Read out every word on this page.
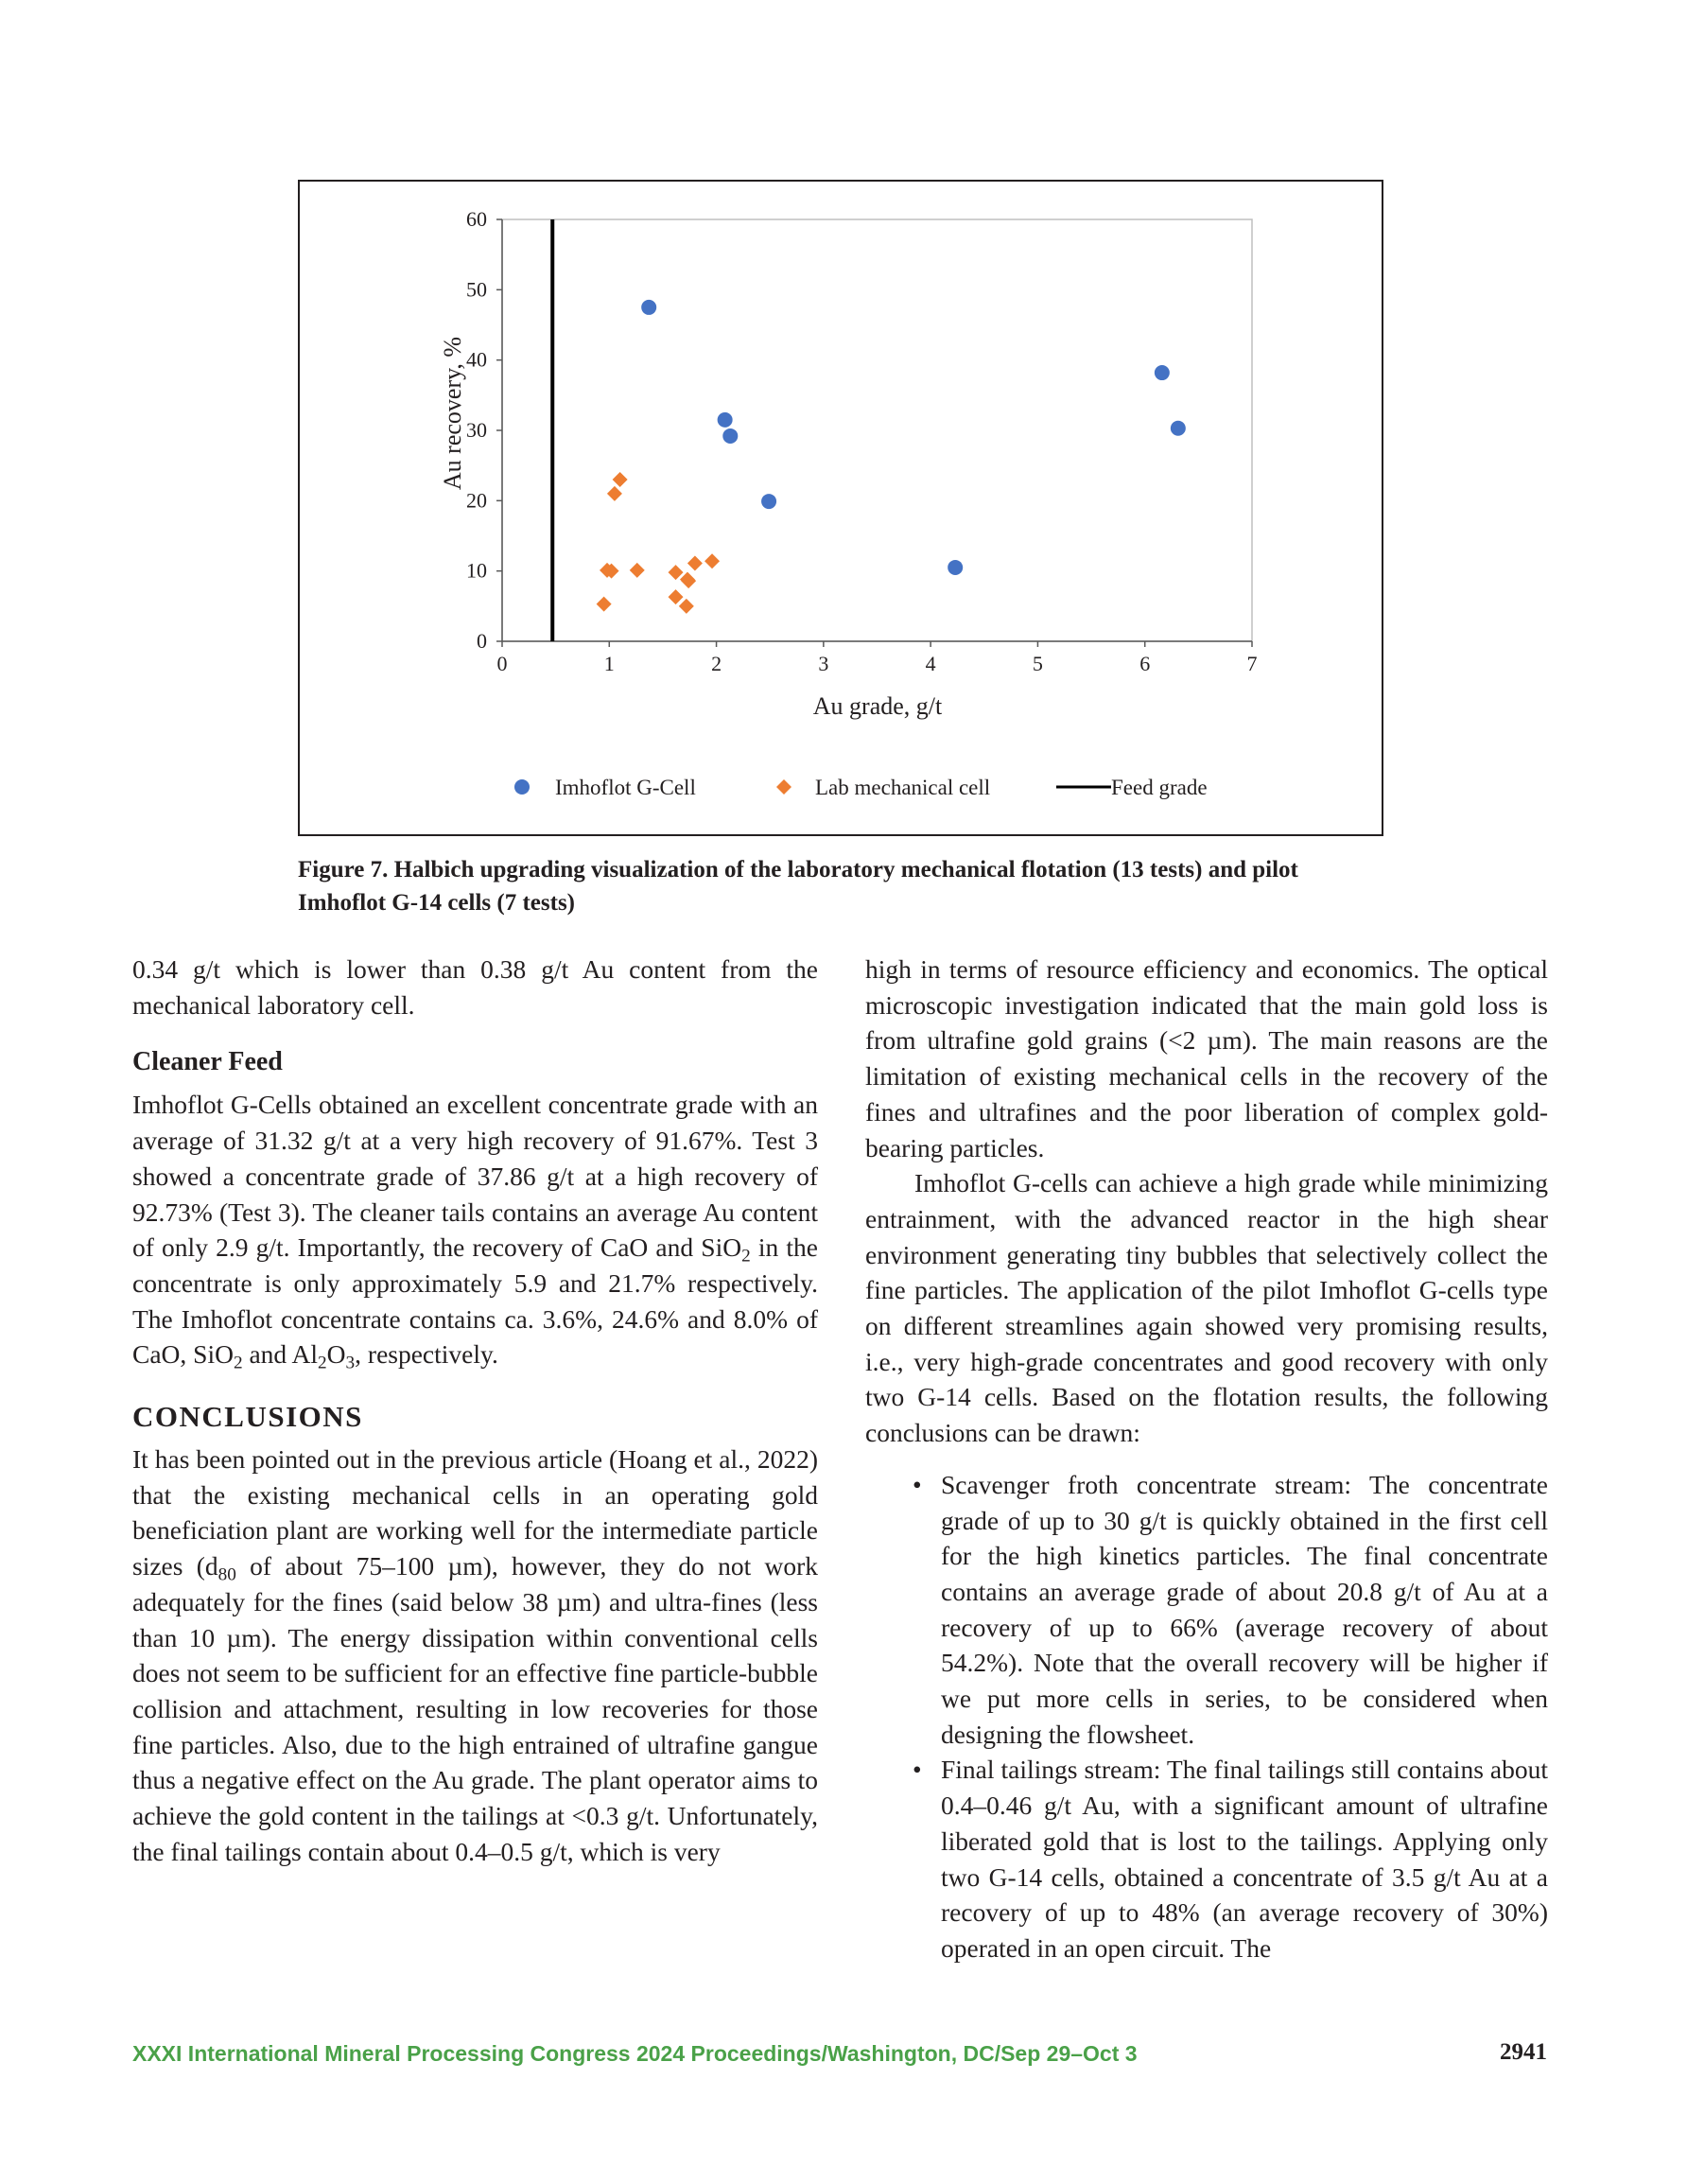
0	1	2	3	4	5	6	7
0
10
20
30
40
50
60
Au grade, g/t
Au recovery, %
Imhoflot G-Cell	Lab mechanical cell	Feed grade

Figure 7. Halbich upgrading visualization of the laboratory mechanical flotation (13 tests) and pilot Imhoflot G-14 cells (7 tests)

0.34 g/t which is lower than 0.38 g/t Au content from the mechanical laboratory cell.

Cleaner Feed

Imhoflot G-Cells obtained an excellent concentrate grade with an average of 31.32 g/t at a very high recovery of 91.67%. Test 3 showed a concentrate grade of 37.86 g/t at a high recovery of 92.73% (Test 3). The cleaner tails contains an average Au content of only 2.9 g/t. Importantly, the recovery of CaO and SiO$_2$ in the concentrate is only approximately 5.9 and 21.7% respectively. The Imhoflot concentrate contains ca. 3.6%, 24.6% and 8.0% of CaO, SiO$_2$ and $Al_2O_3$, respectively.

CONCLUSIONS

It has been pointed out in the previous article (Hoang et al., 2022) that the existing mechanical cells in an operating gold beneficiation plant are working well for the intermediate particle sizes ($d_{80}$ of about 75–100 µm), however, they do not work adequately for the fines (said below 38 µm) and ultra-fines (less than 10 µm). The energy dissipation within conventional cells does not seem to be sufficient for an effective fine particle-bubble collision and attachment, resulting in low recoveries for those fine particles. Also, due to the high entrained of ultrafine gangue thus a negative effect on the Au grade. The plant operator aims to achieve the gold content in the tailings at <0.3 g/t. Unfortunately, the final tailings contain about 0.4–0.5 g/t, which is very

high in terms of resource efficiency and economics. The optical microscopic investigation indicated that the main gold loss is from ultrafine gold grains (<2 µm). The main reasons are the limitation of existing mechanical cells in the recovery of the fines and ultrafines and the poor liberation of complex gold-bearing particles.

Imhoflot G-cells can achieve a high grade while minimizing entrainment, with the advanced reactor in the high shear environment generating tiny bubbles that selectively collect the fine particles. The application of the pilot Imhoflot G-cells type on different streamlines again showed very promising results, i.e., very high-grade concentrates and good recovery with only two G-14 cells. Based on the flotation results, the following conclusions can be drawn:

• Scavenger froth concentrate stream: The concentrate grade of up to 30 g/t is quickly obtained in the first cell for the high kinetics particles. The final concentrate contains an average grade of about 20.8 g/t of Au at a recovery of up to 66% (average recovery of about 54.2%). Note that the overall recovery will be higher if we put more cells in series, to be considered when designing the flowsheet.
• Final tailings stream: The final tailings still contains about 0.4–0.46 g/t Au, with a significant amount of ultrafine liberated gold that is lost to the tailings. Applying only two G-14 cells, obtained a concentrate of 3.5 g/t Au at a recovery of up to 48% (an average recovery of 30%) operated in an open circuit. The
XXXI International Mineral Processing Congress 2024 Proceedings/Washington, DC/Sep 29–Oct 3	2941
